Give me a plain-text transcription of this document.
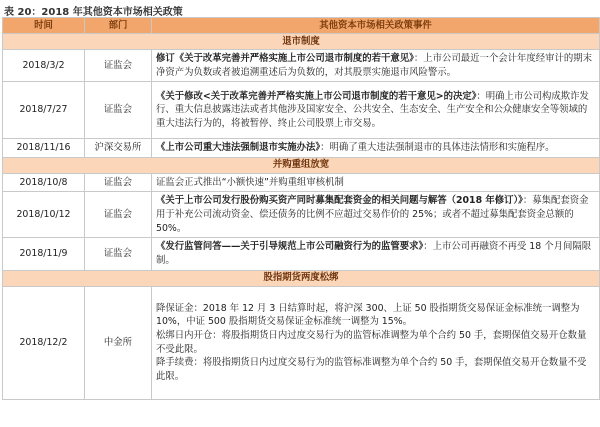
表 20：2018 年其他资本市场相关政策
时间	部门	其他资本市场相关政策事件
退市制度		
2018/3/2	证监会	修订《关于改革完善并严格实施上市公司退市制度的若干意见》：上市公司最近一个会计年度经审计的期末净资产为负数或者被追溯重述后为负数的，对其股票实施退市风险警示。
2018/7/27	证监会	《关于修改<关于改革完善并严格实施上市公司退市制度的若干意见>的决定》：明确上市公司构成欺诈发行、重大信息披露违法或者其他涉及国家安全、公共安全、生态安全、生产安全和公众健康安全等领域的重大违法行为的，将被暂停、终止公司股票上市交易。
2018/11/16	沪深交易所	《上市公司重大违法强制退市实施办法》：明确了重大违法强制退市的具体违法情形和实施程序。
并购重组放宽		
2018/10/8	证监会	证监会正式推出“小额快速”并购重组审核机制
2018/10/12	证监会	《关于上市公司发行股份购买资产同时募集配套资金的相关问题与解答（2018 年修订）》：募集配套资金用于补充公司流动资金、偿还债务的比例不应超过交易作价的 25%；或者不超过募集配套资金总额的 50%。
2018/11/9	证监会	《发行监管问答——关于引导规范上市公司融资行为的监管要求》：上市公司再融资不再受 18 个月间隔限制。
股指期货两度松绑		
2018/12/2	中金所	降保证金：2018 年 12 月 3 日结算时起，将沪深 300、上证 50 股指期货交易保证金标准统一调整为 10%，中证 500 股指期货交易保证金标准统一调整为 15%。
松绑日内开仓：将股指期货日内过度交易行为的监管标准调整为单个合约 50 手，套期保值交易开仓数量不受此限。
降手续费：将股指期货日内过度交易行为的监管标准调整为单个合约 50 手，套期保值交易开仓数量不受此限。
